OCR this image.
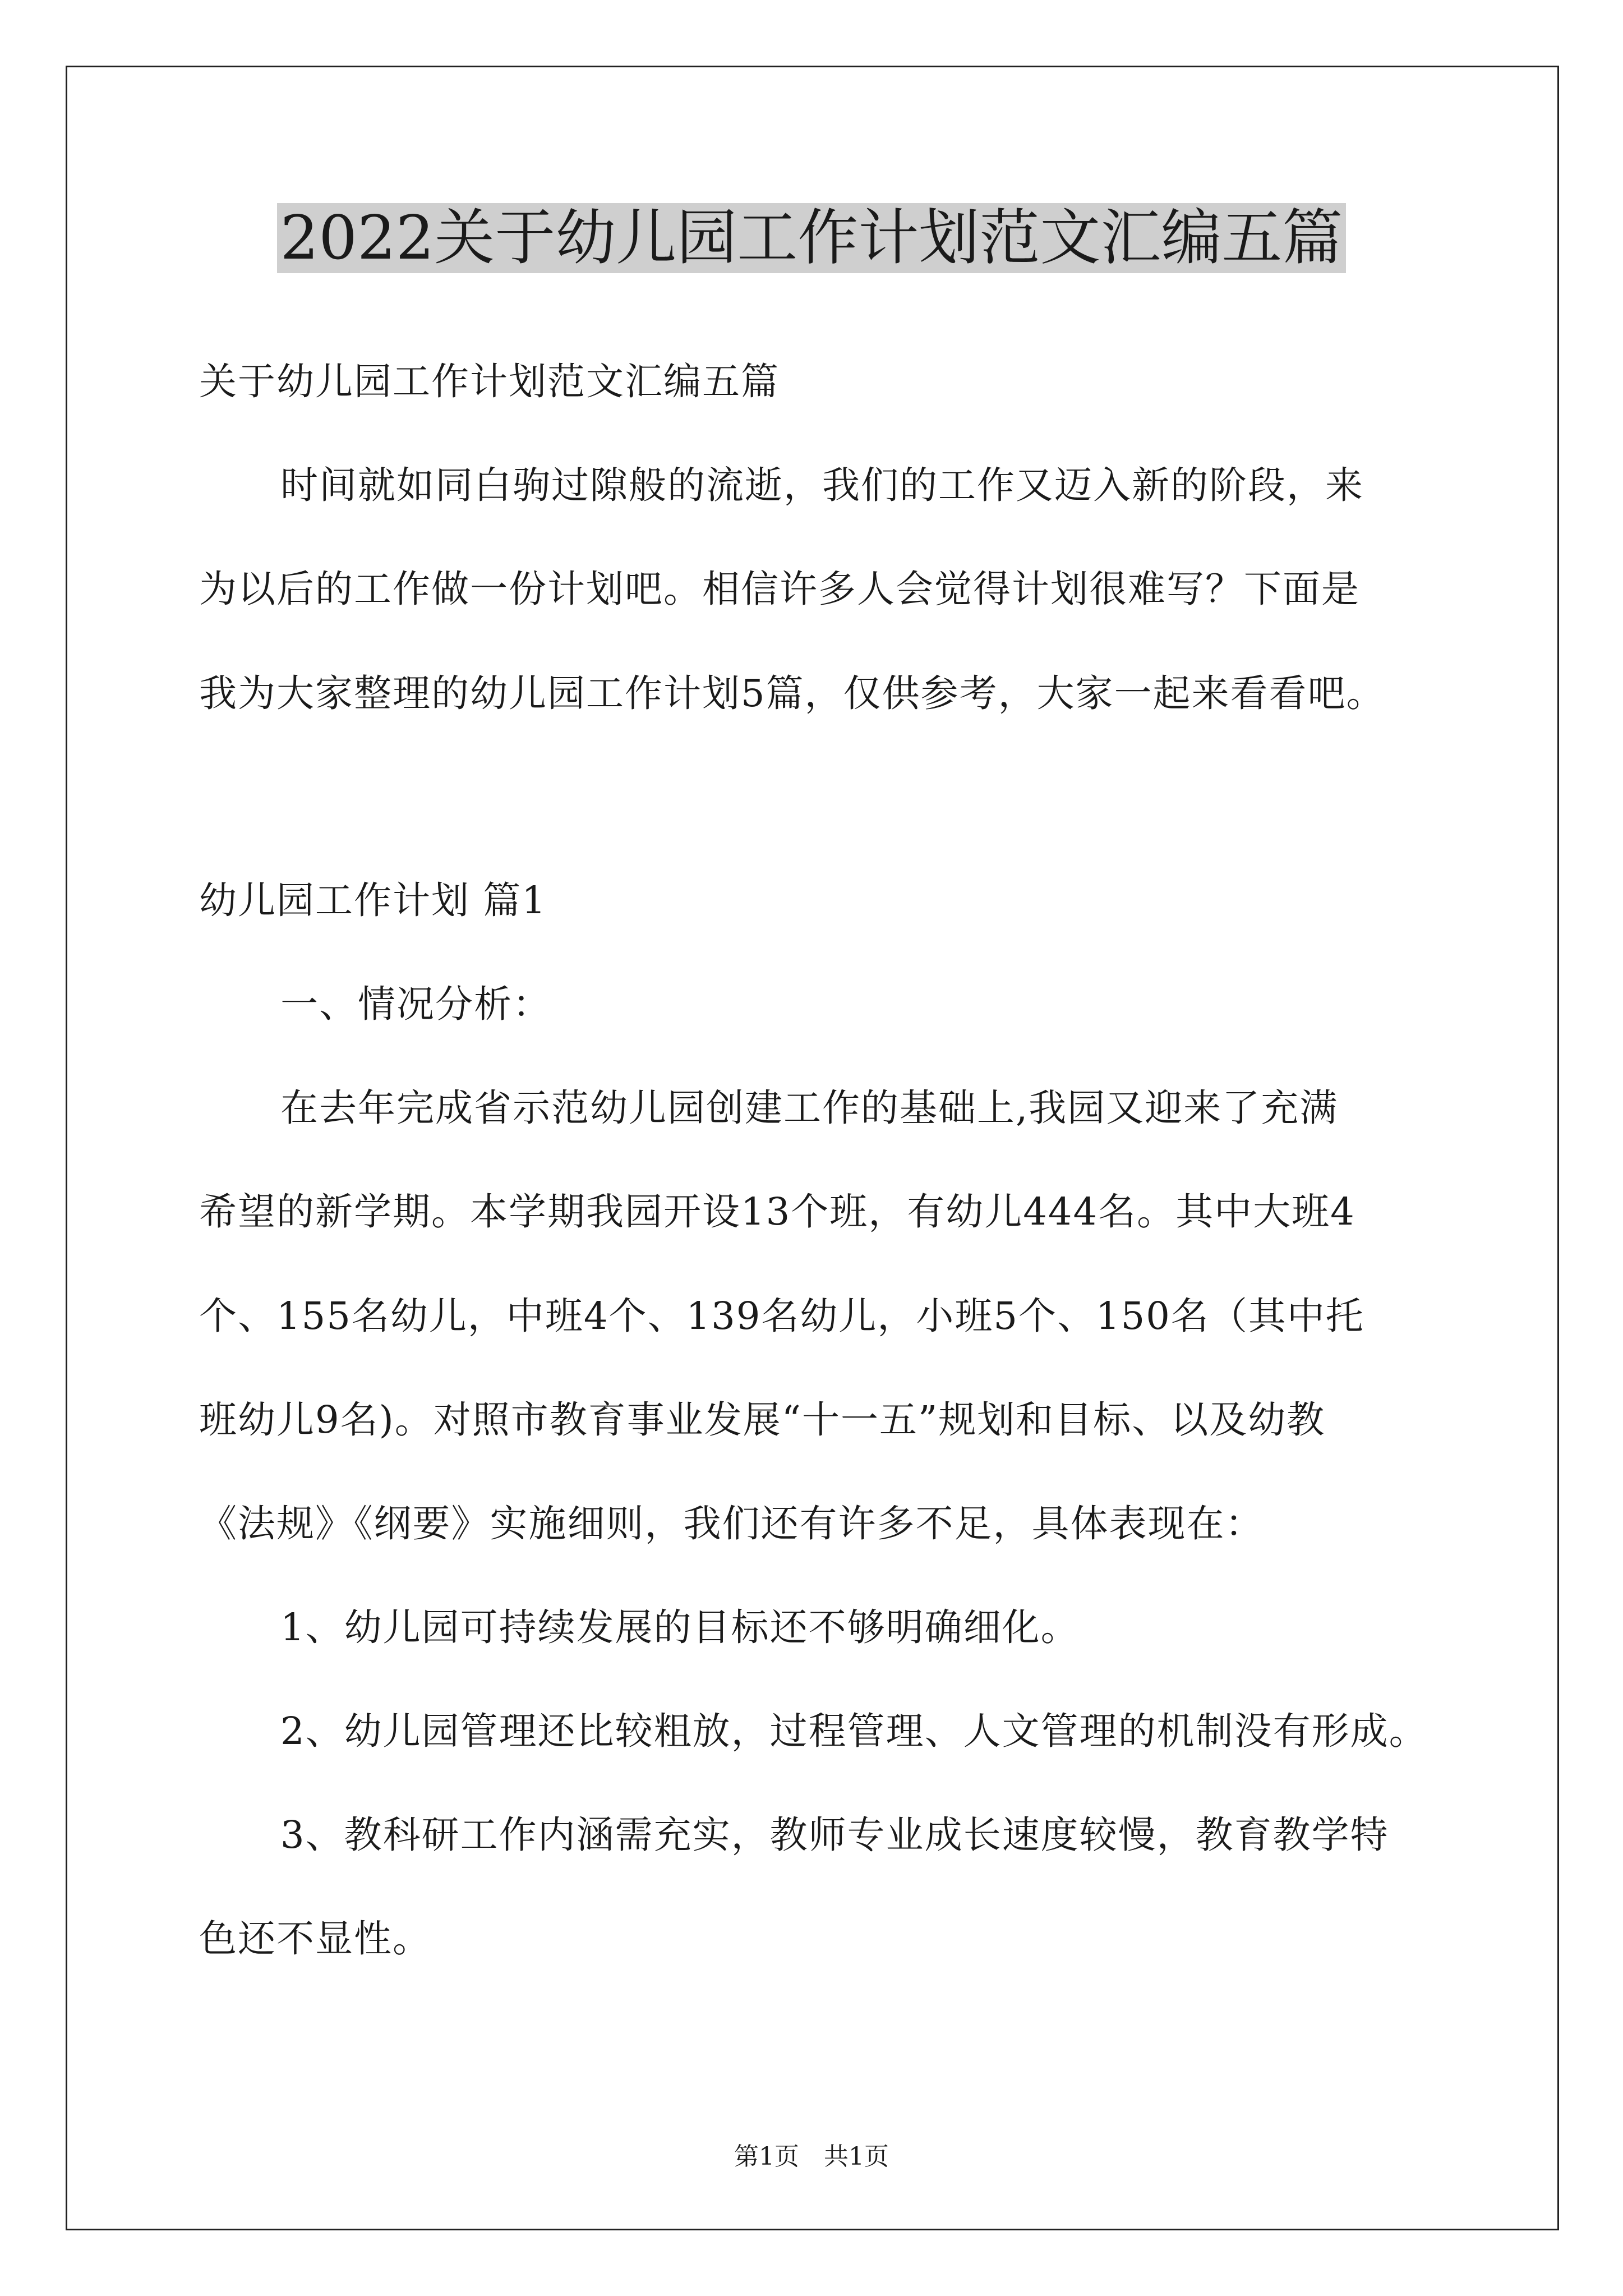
2022关于幼儿园工作计划范文汇编五篇
关于幼儿园工作计划范文汇编五篇
时间就如同白驹过隙般的流逝，我们的工作又迈入新的阶段，来
为以后的工作做一份计划吧。相信许多人会觉得计划很难写？下面是
我为大家整理的幼儿园工作计划5篇，仅供参考，大家一起来看看吧。
幼儿园工作计划 篇1
一、情况分析：
在去年完成省示范幼儿园创建工作的基础上,我园又迎来了充满
希望的新学期。本学期我园开设13个班，有幼儿444名。其中大班4
个、155名幼儿，中班4个、139名幼儿，小班5个、150名（其中托
班幼儿9名)。对照市教育事业发展“十一五”规划和目标、以及幼教
《法规》《纲要》实施细则，我们还有许多不足，具体表现在：
1、幼儿园可持续发展的目标还不够明确细化。
2、幼儿园管理还比较粗放，过程管理、人文管理的机制没有形成。
3、教科研工作内涵需充实，教师专业成长速度较慢，教育教学特
色还不显性。
第1页　共1页
